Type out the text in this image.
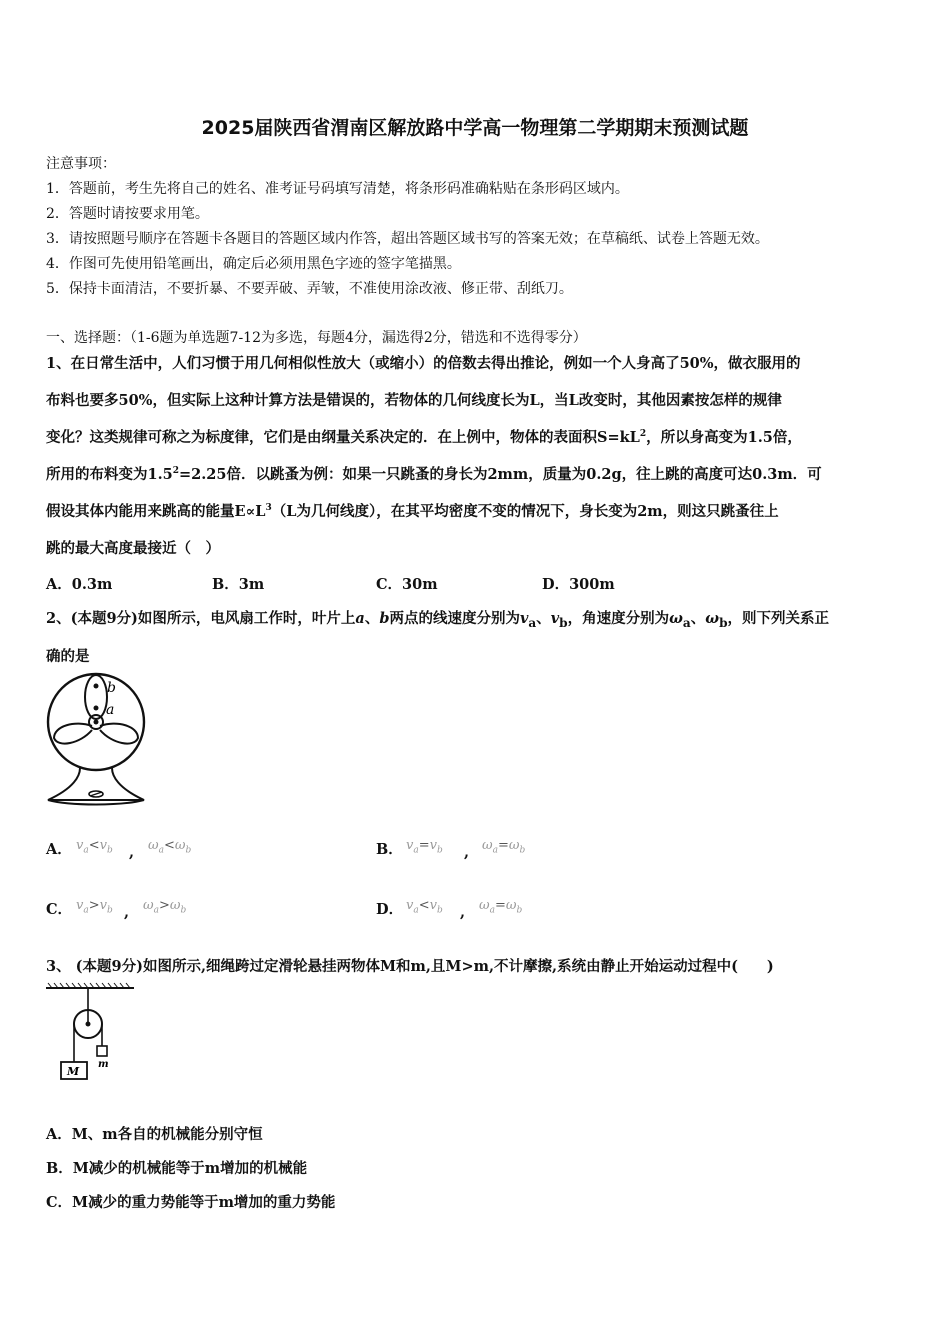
2025届陕西省渭南区解放路中学高一物理第二学期期末预测试题
注意事项：
1．答题前，考生先将自己的姓名、准考证号码填写清楚，将条形码准确粘贴在条形码区域内。
2．答题时请按要求用笔。
3．请按照题号顺序在答题卡各题目的答题区域内作答，超出答题区域书写的答案无效；在草稿纸、试卷上答题无效。
4．作图可先使用铅笔画出，确定后必须用黑色字迹的签字笔描黑。
5．保持卡面清洁，不要折暴、不要弄破、弄皱，不准使用涂改液、修正带、刮纸刀。
一、选择题：（1-6题为单选题7-12为多选，每题4分，漏选得2分，错选和不选得零分）
1、在日常生活中，人们习惯于用几何相似性放大（或缩小）的倍数去得出推论，例如一个人身高了50%，做衣服用的
布料也要多50%，但实际上这种计算方法是错误的，若物体的几何线度长为L，当L改变时，其他因素按怎样的规律
变化？这类规律可称之为标度律，它们是由纲量关系决定的．在上例中，物体的表面积$S=kL^2$，所以身高变为1.5倍，
所用的布料变为$1.5^2=2.25$倍．以跳蚤为例：如果一只跳蚤的身长为2mm，质量为0.2g，往上跳的高度可达0.3m．可
假设其体内能用来跳高的能量$E\propto L^3(L$为几何线度），在其平均密度不变的情况下，身长变为2m，则这只跳蚤往上
跳的最大高度最接近（　）
A．0.3m	B．3m	C．30m	D．300m
2、(本题9分)如图所示，电风扇工作时，叶片上a、b两点的线速度分别为$v_a$、$v_b$，角速度分别为$\omega_a$、$\omega_b$，则下列关系正
确的是
b
a
A． $v_a<v_b$ , $\omega_a<\omega_b$	B． $v_a=v_b$ , $\omega_a=\omega_b$
C． $v_a>v_b$ , $\omega_a>\omega_b$	D． $v_a<v_b$ , $\omega_a=\omega_b$
3、 (本题9分)如图所示,细绳跨过定滑轮悬挂两物体M和m,且M>m,不计摩擦,系统由静止开始运动过程中(　　)
M
m
A．M、m各自的机械能分别守恒
B．M减少的机械能等于m增加的机械能
C．M减少的重力势能等于m增加的重力势能
